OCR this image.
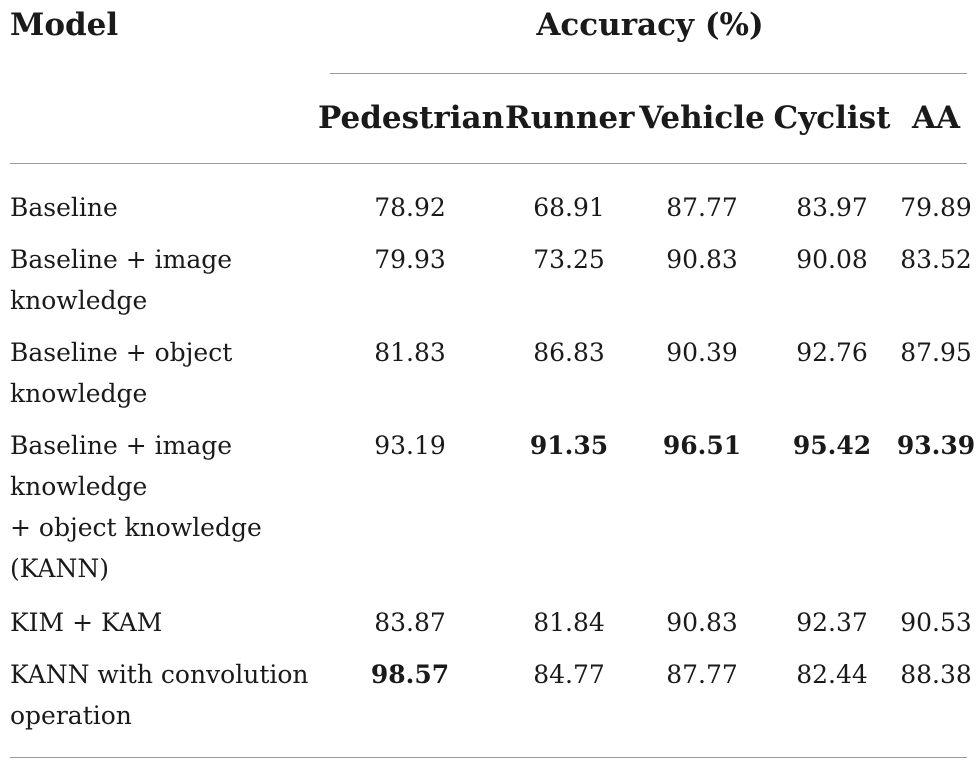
Model	Accuracy (%)
Pedestrian Runner Vehicle Cyclist AA
Baseline	78.92	68.91	87.77	83.97	79.89
Baseline + image
knowledge
79.93	73.25	90.83	90.08	83.52
Baseline + object
knowledge
81.83	86.83	90.39	92.76	87.95
Baseline + image
knowledge
+ object knowledge
(KANN)
93.19	91.35	96.51	95.42	93.39
KIM + KAM	83.87	81.84	90.83	92.37	90.53
KANN with convolution
operation
98.57	84.77	87.77	82.44	88.38
